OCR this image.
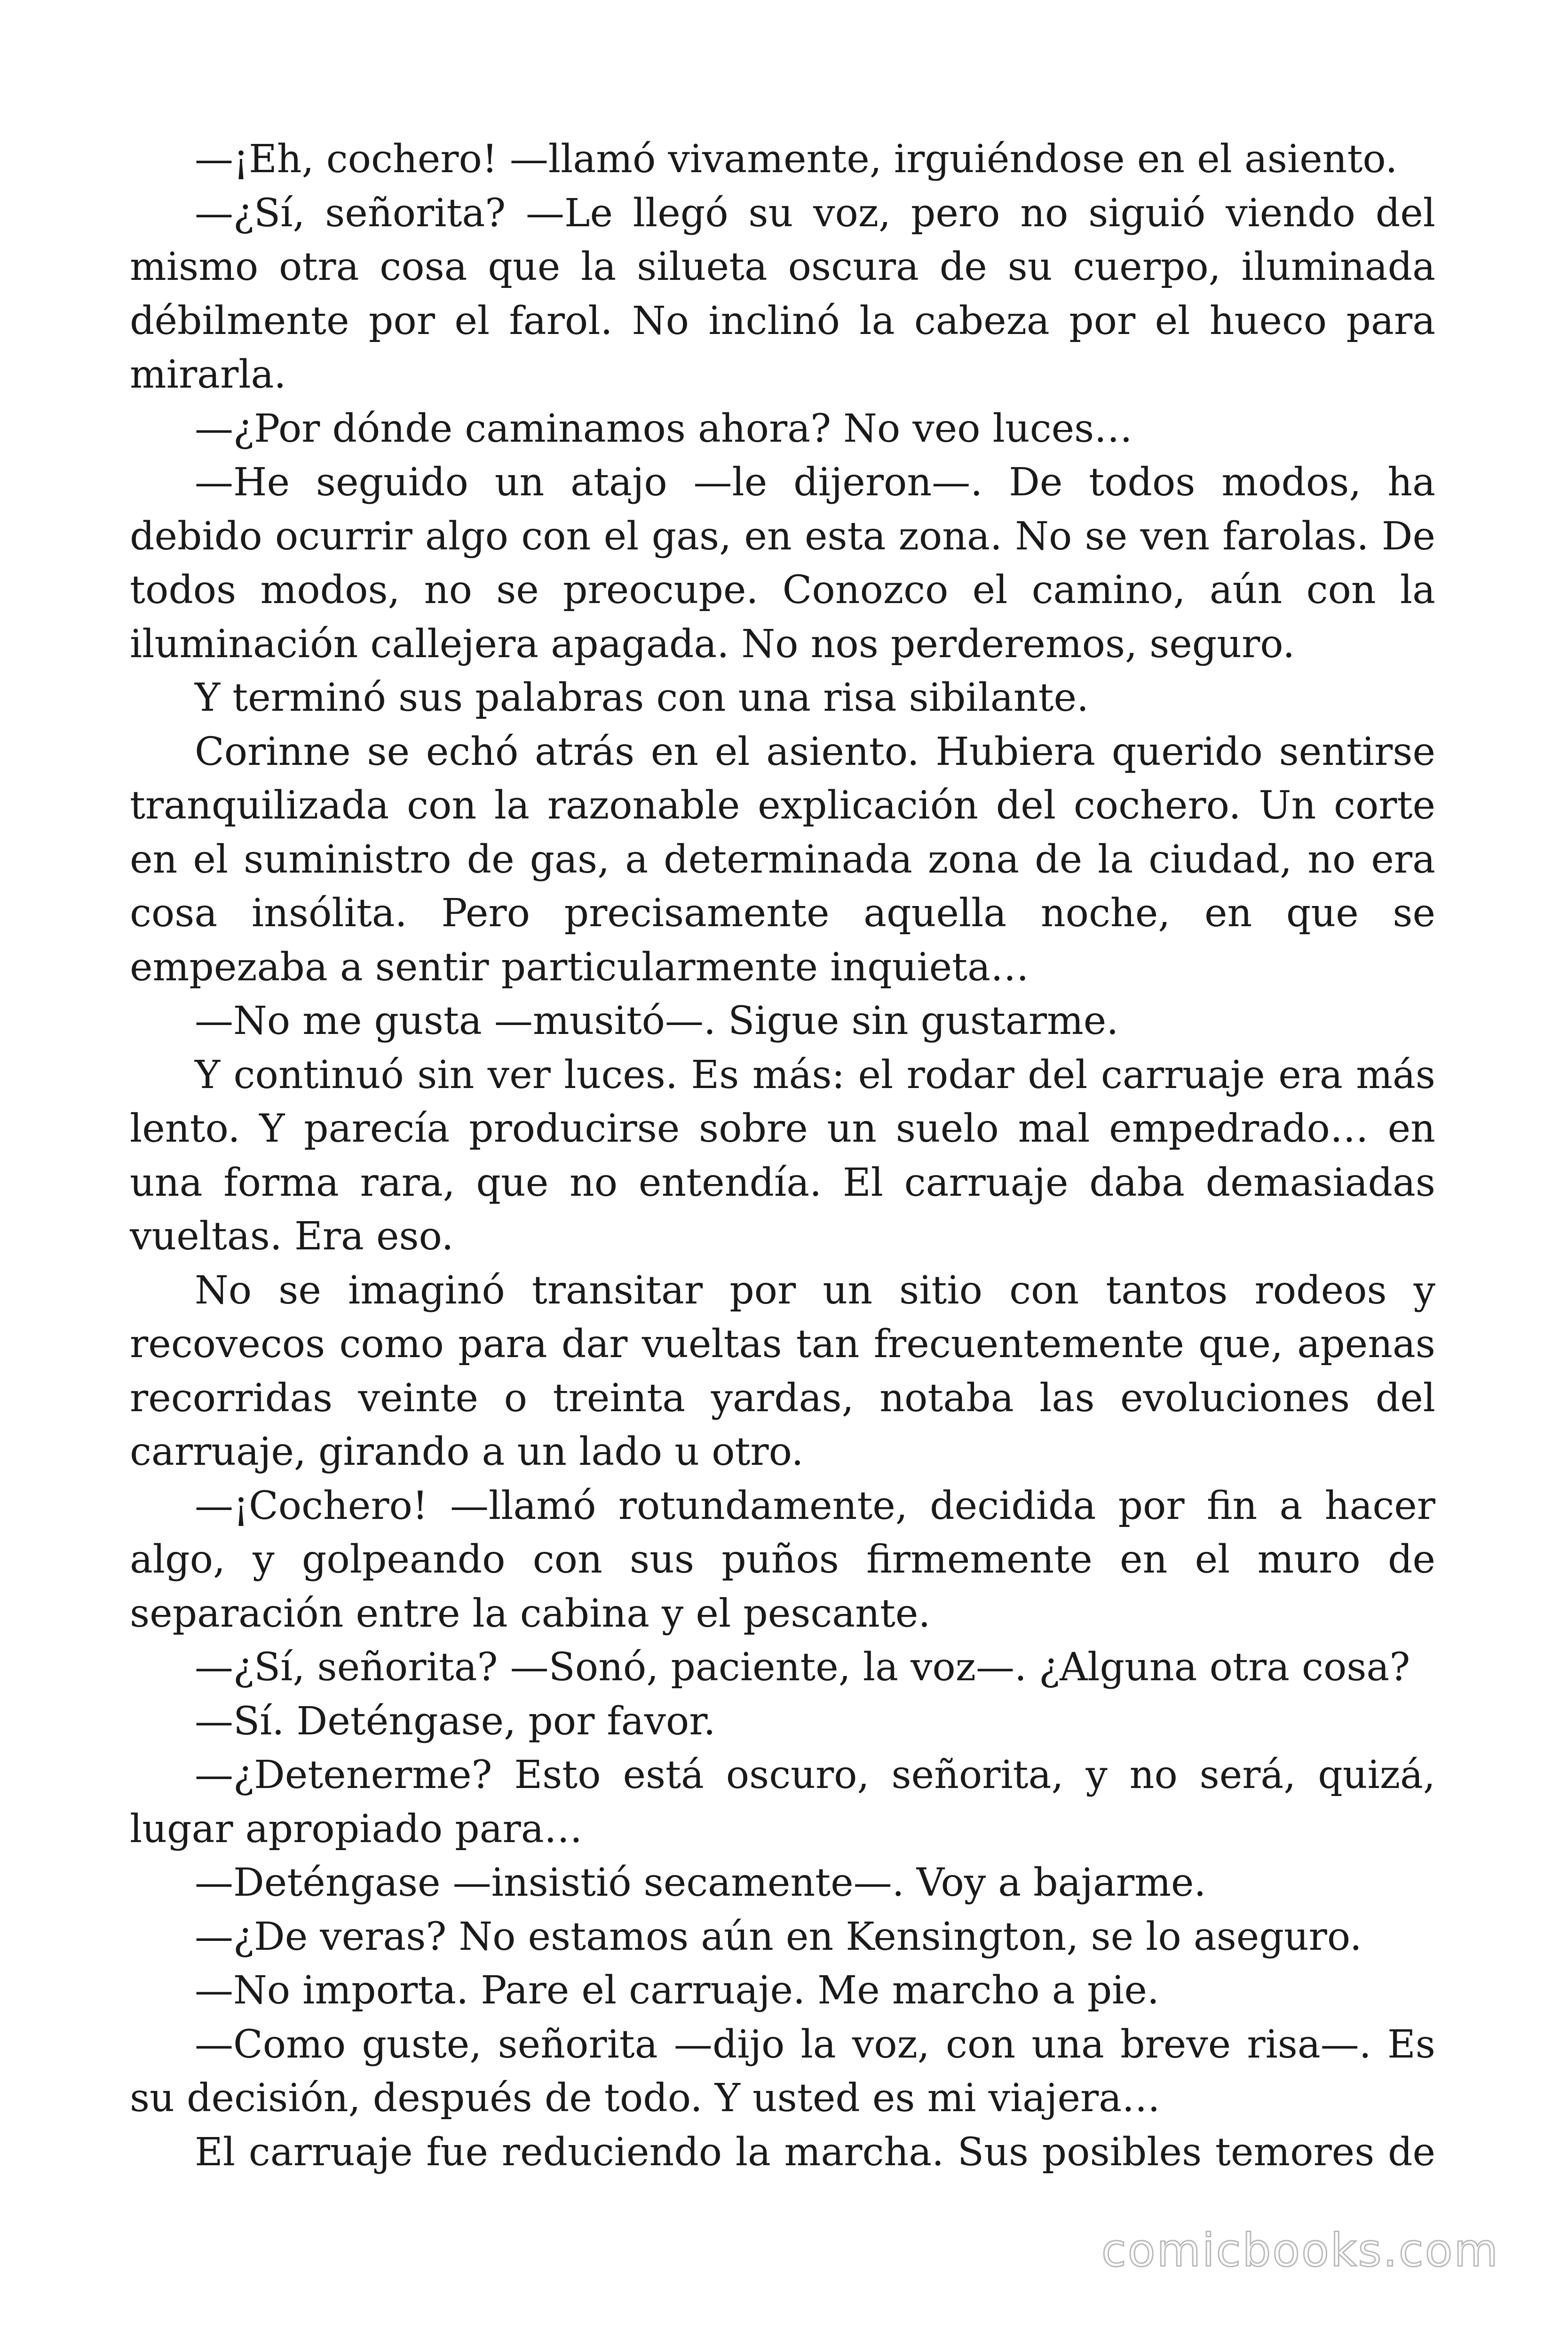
—¡Eh, cochero! —llamó vivamente, irguiéndose en el asiento.

—¿Sí, señorita? —Le llegó su voz, pero no siguió viendo del mismo otra cosa que la silueta oscura de su cuerpo, iluminada débilmente por el farol. No inclinó la cabeza por el hueco para mirarla.

—¿Por dónde caminamos ahora? No veo luces…

—He seguido un atajo —le dijeron—. De todos modos, ha debido ocurrir algo con el gas, en esta zona. No se ven farolas. De todos modos, no se preocupe. Conozco el camino, aún con la iluminación callejera apagada. No nos perderemos, seguro.

Y terminó sus palabras con una risa sibilante.

Corinne se echó atrás en el asiento. Hubiera querido sentirse tranquilizada con la razonable explicación del cochero. Un corte en el suministro de gas, a determinada zona de la ciudad, no era cosa insólita. Pero precisamente aquella noche, en que se empezaba a sentir particularmente inquieta…

—No me gusta —musitó—. Sigue sin gustarme.

Y continuó sin ver luces. Es más: el rodar del carruaje era más lento. Y parecía producirse sobre un suelo mal empedrado… en una forma rara, que no entendía. El carruaje daba demasiadas vueltas. Era eso.

No se imaginó transitar por un sitio con tantos rodeos y recovecos como para dar vueltas tan frecuentemente que, apenas recorridas veinte o treinta yardas, notaba las evoluciones del carruaje, girando a un lado u otro.

—¡Cochero! —llamó rotundamente, decidida por fin a hacer algo, y golpeando con sus puños firmemente en el muro de separación entre la cabina y el pescante.

—¿Sí, señorita? —Sonó, paciente, la voz—. ¿Alguna otra cosa?

—Sí. Deténgase, por favor.

—¿Detenerme? Esto está oscuro, señorita, y no será, quizá, lugar apropiado para…

—Deténgase —insistió secamente—. Voy a bajarme.

—¿De veras? No estamos aún en Kensington, se lo aseguro.

—No importa. Pare el carruaje. Me marcho a pie.

—Como guste, señorita —dijo la voz, con una breve risa—. Es su decisión, después de todo. Y usted es mi viajera…

El carruaje fue reduciendo la marcha. Sus posibles temores de

comicbooks.com
